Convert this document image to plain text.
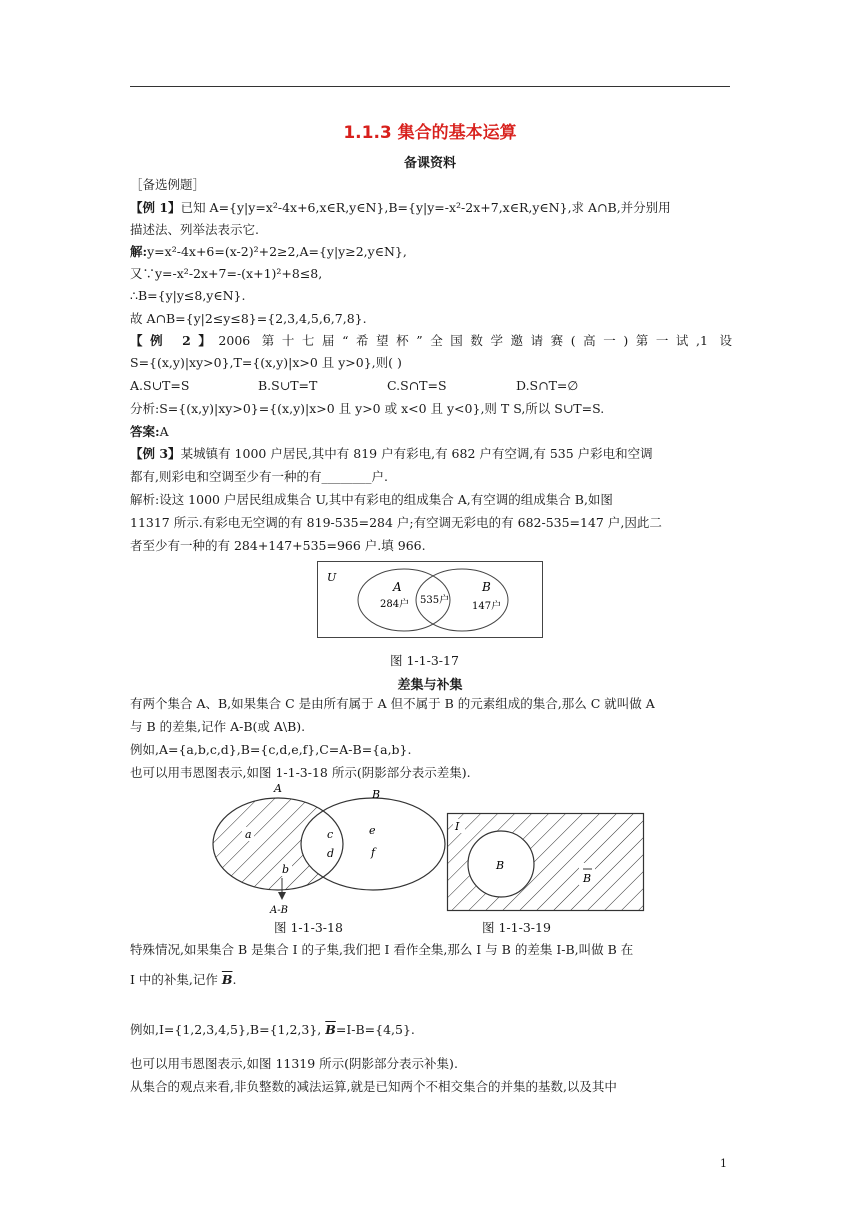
1.1.3 集合的基本运算
备课资料
［备选例题］
【例 1】已知 A={y|y=x²-4x+6,x∈R,y∈N},B={y|y=-x²-2x+7,x∈R,y∈N},求 A∩B,并分别用
描述法、列举法表示它.
解:y=x²-4x+6=(x-2)²+2≥2,A={y|y≥2,y∈N},
又∵y=-x²-2x+7=-(x+1)²+8≤8,
∴B={y|y≤8,y∈N}.
故 A∩B={y|2≤y≤8}={2,3,4,5,6,7,8}.
【例 2】2006 第十七届“希望杯”全国数学邀请赛(高一)第一试,1 设
S={(x,y)|xy>0},T={(x,y)|x>0 且 y>0},则( )
A.S∪T=S	B.S∪T=T	C.S∩T=S	D.S∩T=∅
分析:S={(x,y)|xy>0}={(x,y)|x>0 且 y>0 或 x<0 且 y<0},则 T S,所以 S∪T=S.
答案:A
【例 3】某城镇有 1000 户居民,其中有 819 户有彩电,有 682 户有空调,有 535 户彩电和空调
都有,则彩电和空调至少有一种的有________户.
解析:设这 1000 户居民组成集合 U,其中有彩电的组成集合 A,有空调的组成集合 B,如图
11317 所示.有彩电无空调的有 819-535=284 户;有空调无彩电的有 682-535=147 户,因此二
者至少有一种的有 284+147+535=966 户.填 966.
U
A
284户 535户
B
147户
图 1-1-3-17
差集与补集
有两个集合 A、B,如果集合 C 是由所有属于 A 但不属于 B 的元素组成的集合,那么 C 就叫做 A
与 B 的差集,记作 A-B(或 A\B).
例如,A={a,b,c,d},B={c,d,e,f},C=A-B={a,b}.
也可以用韦恩图表示,如图 1-1-3-18 所示(阴影部分表示差集).
A	B
a
b
c
d
e
f
A-B
图 1-1-3-18
I
B
B
图 1-1-3-19
特殊情况,如果集合 B 是集合 I 的子集,我们把 I 看作全集,那么 I 与 B 的差集 I-B,叫做 B 在
I 中的补集,记作 $\overline{B}$.
例如,I={1,2,3,4,5},B={1,2,3}, $\overline{B}=I-B=\{4,5\}$.
也可以用韦恩图表示,如图 11319 所示(阴影部分表示补集).
从集合的观点来看,非负整数的减法运算,就是已知两个不相交集合的并集的基数,以及其中
1
